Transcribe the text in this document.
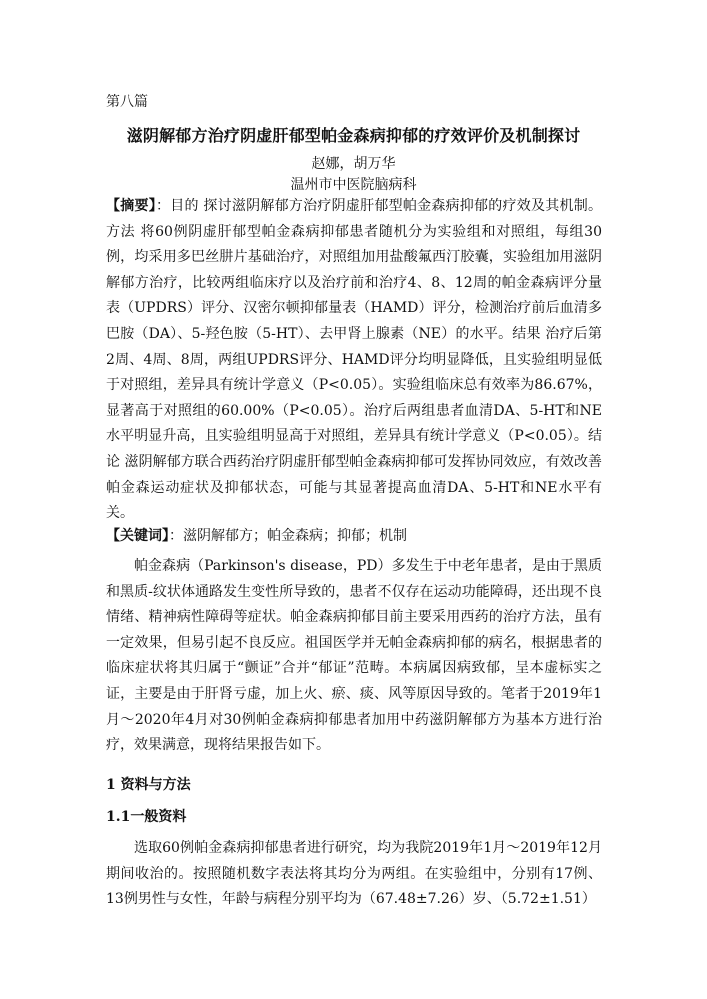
第八篇
滋阴解郁方治疗阴虚肝郁型帕金森病抑郁的疗效评价及机制探讨
赵娜，胡万华
温州市中医院脑病科
【摘要】：目的 探讨滋阴解郁方治疗阴虚肝郁型帕金森病抑郁的疗效及其机制。方法 将60例阴虚肝郁型帕金森病抑郁患者随机分为实验组和对照组，每组30例，均采用多巴丝肼片基础治疗，对照组加用盐酸氟西汀胶囊，实验组加用滋阴解郁方治疗，比较两组临床疗以及治疗前和治疗4、8、12周的帕金森病评分量表（UPDRS）评分、汉密尔顿抑郁量表（HAMD）评分，检测治疗前后血清多巴胺（DA）、5-羟色胺（5-HT）、去甲肾上腺素（NE）的水平。结果 治疗后第2周、4周、8周，两组UPDRS评分、HAMD评分均明显降低，且实验组明显低于对照组，差异具有统计学意义（P<0.05）。实验组临床总有效率为86.67%，显著高于对照组的60.00%（P<0.05）。治疗后两组患者血清DA、5-HT和NE水平明显升高，且实验组明显高于对照组，差异具有统计学意义（P<0.05）。结论 滋阴解郁方联合西药治疗阴虚肝郁型帕金森病抑郁可发挥协同效应，有效改善帕金森运动症状及抑郁状态，可能与其显著提高血清DA、5-HT和NE水平有关。
【关键词】：滋阴解郁方；帕金森病；抑郁；机制
帕金森病（Parkinson's disease，PD）多发生于中老年患者，是由于黑质和黑质-纹状体通路发生变性所导致的，患者不仅存在运动功能障碍，还出现不良情绪、精神病性障碍等症状。帕金森病抑郁目前主要采用西药的治疗方法，虽有一定效果，但易引起不良反应。祖国医学并无帕金森病抑郁的病名，根据患者的临床症状将其归属于“颤证”合并“郁证”范畴。本病属因病致郁，呈本虚标实之证，主要是由于肝肾亏虚，加上火、瘀、痰、风等原因导致的。笔者于2019年1月～2020年4月对30例帕金森病抑郁患者加用中药滋阴解郁方为基本方进行治疗，效果满意，现将结果报告如下。
1 资料与方法
1.1一般资料
选取60例帕金森病抑郁患者进行研究，均为我院2019年1月～2019年12月期间收治的。按照随机数字表法将其均分为两组。在实验组中，分别有17例、13例男性与女性，年龄与病程分别平均为（67.48±7.26）岁、（5.72±1.51）
